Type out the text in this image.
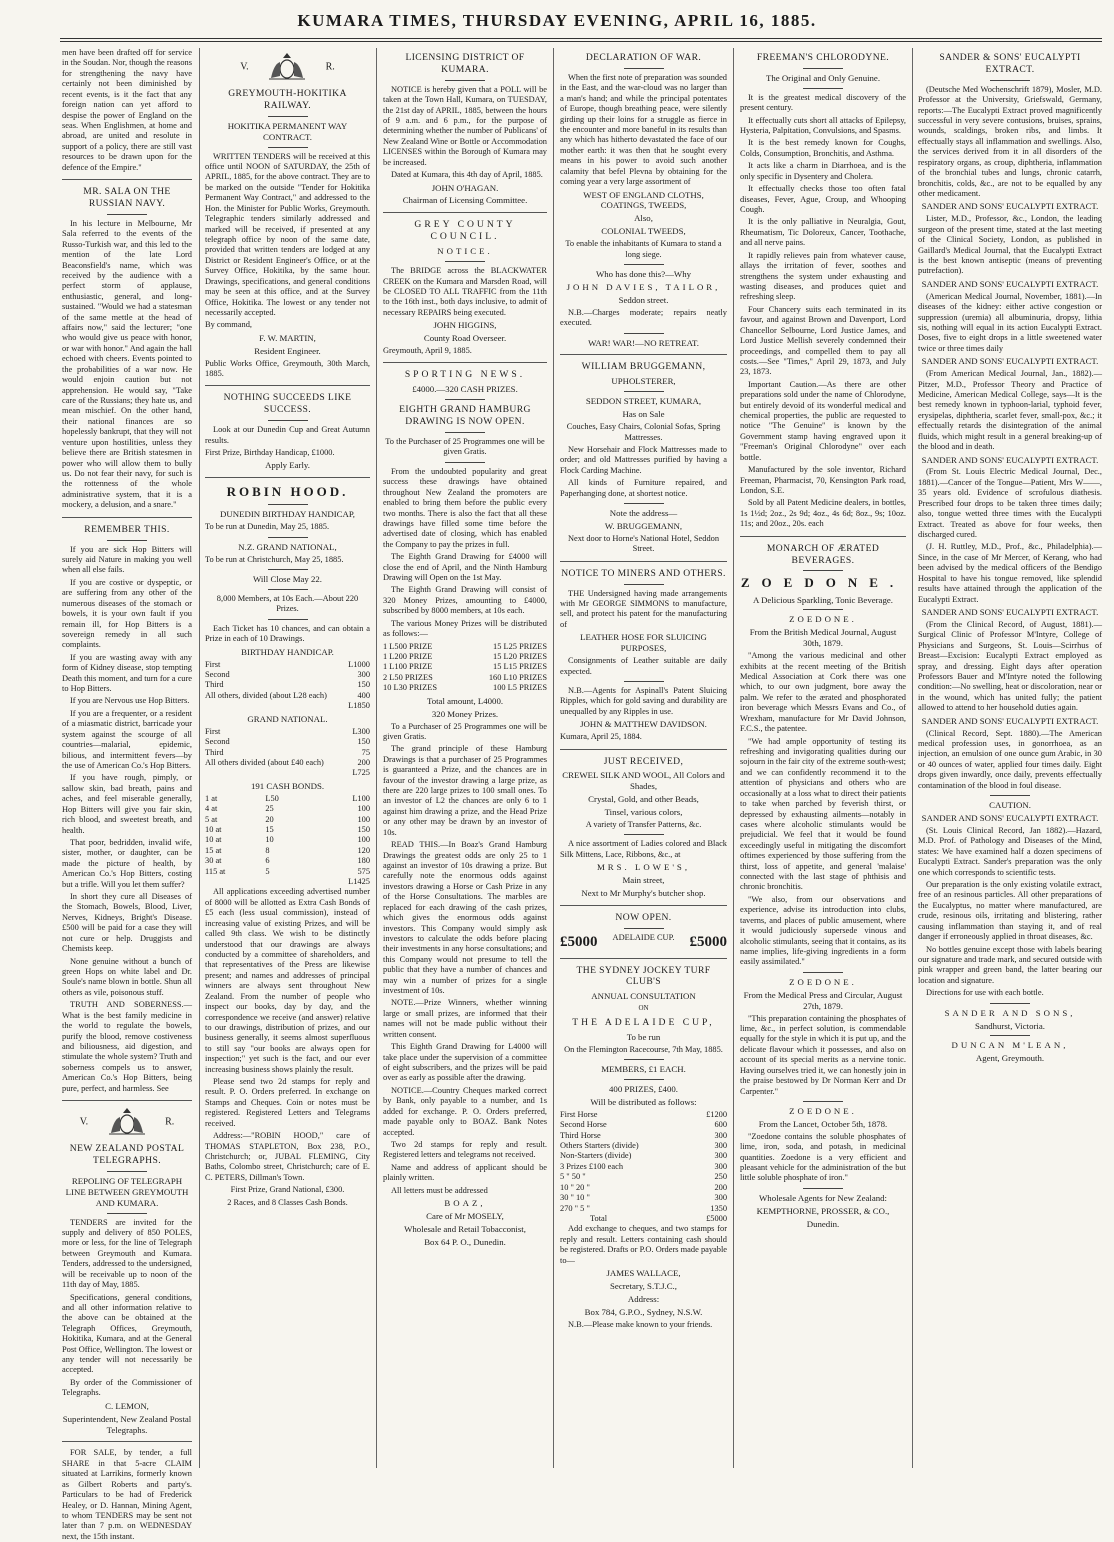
KUMARA TIMES, THURSDAY EVENING, APRIL 16, 1885.

men have been drafted off for service in the Soudan. Nor, though the reasons for strengthening the navy have certainly not been diminished by recent events, is it the fact that any foreign nation can yet afford to despise the power of England on the seas. When Englishmen, at home and abroad, are united and resolute in support of a policy, there are still vast resources to be drawn upon for the defence of the Empire."

MR. SALA ON THE RUSSIAN NAVY.

In his lecture in Melbourne, Mr Sala referred to the events of the Russo-Turkish war, and this led to the mention of the late Lord Beaconsfield's name, which was received by the audience with a perfect storm of applause, enthusiastic, general, and long-sustained. "Would we had a statesman of the same mettle at the head of affairs now," said the lecturer; "one who would give us peace with honor, or war with honor." And again the hall echoed with cheers. Events pointed to the probabilities of a war now. He would enjoin caution but not apprehension. He would say, "Take care of the Russians; they hate us, and mean mischief. On the other hand, their national finances are so hopelessly bankrupt, that they will not venture upon hostilities, unless they believe there are British statesmen in power who will allow them to bully us. Do not fear their navy, for such is the rottenness of the whole administrative system, that it is a mockery, a delusion, and a snare."

REMEMBER THIS.

If you are sick Hop Bitters will surely aid Nature in making you well when all else fails.

If you are costive or dyspeptic, or are suffering from any other of the numerous diseases of the stomach or bowels, it is your own fault if you remain ill, for Hop Bitters is a sovereign remedy in all such complaints.

If you are wasting away with any form of Kidney disease, stop tempting Death this moment, and turn for a cure to Hop Bitters.

If you are Nervous use Hop Bitters.

If you are a frequenter, or a resident of a miasmatic district, barricade your system against the scourge of all countries—malarial, epidemic, bilious, and intermittent fevers—by the use of American Co.'s Hop Bitters.

If you have rough, pimply, or sallow skin, bad breath, pains and aches, and feel miserable generally, Hop Bitters will give you fair skin, rich blood, and sweetest breath, and health.

That poor, bedridden, invalid wife, sister, mother, or daughter, can be made the picture of health, by American Co.'s Hop Bitters, costing but a trifle. Will you let them suffer?

In short they cure all Diseases of the Stomach, Bowels, Blood, Liver, Nerves, Kidneys, Bright's Disease. £500 will be paid for a case they will not cure or help. Druggists and Chemists keep.

None genuine without a bunch of green Hops on white label and Dr. Soule's name blown in bottle. Shun all others as vile, poisonous stuff.

TRUTH AND SOBERNESS.—What is the best family medicine in the world to regulate the bowels, purify the blood, remove costiveness and biliousness, aid digestion, and stimulate the whole system? Truth and soberness compels us to answer, American Co.'s Hop Bitters, being pure, perfect, and harmless. See

V.	R.
NEW ZEALAND POSTAL TELEGRAPHS.
REPOLING OF TELEGRAPH LINE BETWEEN GREYMOUTH AND KUMARA.

TENDERS are invited for the supply and delivery of 850 POLES, more or less, for the line of Telegraph between Greymouth and Kumara. Tenders, addressed to the undersigned, will be receivable up to noon of the 11th day of May, 1885.

Specifications, general conditions, and all other information relative to the above can be obtained at the Telegraph Offices, Greymouth, Hokitika, Kumara, and at the General Post Office, Wellington. The lowest or any tender will not necessarily be accepted.

By order of the Commissioner of Telegraphs.

C. LEMON,
Superintendent, New Zealand Postal Telegraphs.

FOR SALE, by tender, a full SHARE in that 5-acre CLAIM situated at Larrikins, formerly known as Gilbert Roberts and party's. Particulars to be had of Frederick Healey, or D. Hannan, Mining Agent, to whom TENDERS may be sent not later than 7 p.m. on WEDNESDAY next, the 15th instant.

V.	R.
GREYMOUTH-HOKITIKA RAILWAY.
HOKITIKA PERMANENT WAY CONTRACT.

WRITTEN TENDERS will be received at this office until NOON of SATURDAY, the 25th of APRIL, 1885, for the above contract. They are to be marked on the outside "Tender for Hokitika Permanent Way Contract," and addressed to the Hon. the Minister for Public Works, Greymouth. Telegraphic tenders similarly addressed and marked will be received, if presented at any telegraph office by noon of the same date, provided that written tenders are lodged at any District or Resident Engineer's Office, or at the Survey Office, Hokitika, by the same hour. Drawings, specifications, and general conditions may be seen at this office, and at the Survey Office, Hokitika. The lowest or any tender not necessarily accepted.

By command,

F. W. MARTIN,
Resident Engineer.

Public Works Office, Greymouth, 30th March, 1885.

NOTHING SUCCEEDS LIKE SUCCESS.

Look at our Dunedin Cup and Great Autumn results.

First Prize, Birthday Handicap, £1000.

Apply Early.
ROBIN HOOD.
DUNEDIN BIRTHDAY HANDICAP,

To be run at Dunedin, May 25, 1885.

N.Z. GRAND NATIONAL,

To be run at Christchurch, May 25, 1885.

Will Close May 22.

8,000 Members, at 10s Each.—About 220 Prizes.

Each Ticket has 10 chances, and can obtain a Prize in each of 10 Drawings.

BIRTHDAY HANDICAP.
First	L1000
Second	300
Third	150
All others, divided (about L28 each)	400
	L1850
GRAND NATIONAL.
First	L300
Second	150
Third	75
All others divided (about £40 each)	200
	L725
191 CASH BONDS.
1 at	L50	L100
4 at	25	100
5 at	20	100
10 at	15	150
10 at	10	100
15 at	8	120
30 at	6	180
115 at	5	575
		L1425

All applications exceeding advertised number of 8000 will be allotted as Extra Cash Bonds of £5 each (less usual commission), instead of increasing value of existing Prizes, and will be called 9th class. We wish to be distinctly understood that our drawings are always conducted by a committee of shareholders, and that representatives of the Press are likewise present; and names and addresses of principal winners are always sent throughout New Zealand. From the number of people who inspect our books, day by day, and the correspondence we receive (and answer) relative to our drawings, distribution of prizes, and our business generally, it seems almost superfluous to still say "our books are always open for inspection;" yet such is the fact, and our ever increasing business shows plainly the result.

Please send two 2d stamps for reply and result. P. O. Orders preferred. In exchange on Stamps and Cheques. Coin or notes must be registered. Registered Letters and Telegrams received.

Address:—"ROBIN HOOD," care of THOMAS STAPLETON, Box 238, P.O., Christchurch; or, JUBAL FLEMING, City Baths, Colombo street, Christchurch; care of E. C. PETERS, Dillman's Town.

First Prize, Grand National, £300.

2 Races, and 8 Classes Cash Bonds.

LICENSING DISTRICT OF KUMARA.

NOTICE is hereby given that a POLL will be taken at the Town Hall, Kumara, on TUESDAY, the 21st day of APRIL, 1885, between the hours of 9 a.m. and 6 p.m., for the purpose of determining whether the number of Publicans' of New Zealand Wine or Bottle or Accommodation LICENSES within the Borough of Kumara may be increased.

Dated at Kumara, this 4th day of April, 1885.

JOHN O'HAGAN.
Chairman of Licensing Committee.
GREY COUNTY COUNCIL.
NOTICE.

The BRIDGE across the BLACKWATER CREEK on the Kumara and Marsden Road, will be CLOSED TO ALL TRAFFIC from the 11th to the 16th inst., both days inclusive, to admit of necessary REPAIRS being executed.

JOHN HIGGINS,
County Road Overseer.

Greymouth, April 9, 1885.

SPORTING NEWS.
£4000.—320 CASH PRIZES.
EIGHTH GRAND HAMBURG DRAWING IS NOW OPEN.

To the Purchaser of 25 Programmes one will be given Gratis.

From the undoubted popularity and great success these drawings have obtained throughout New Zealand the promoters are enabled to bring them before the public every two months. There is also the fact that all these drawings have filled some time before the advertised date of closing, which has enabled the Company to pay the prizes in full.

The Eighth Grand Drawing for £4000 will close the end of April, and the Ninth Hamburg Drawing will Open on the 1st May.

The Eighth Grand Drawing will consist of 320 Money Prizes, amounting to £4000, subscribed by 8000 members, at 10s each.

The various Money Prizes will be distributed as follows:—

1 L500 PRIZE	15 L25 PRIZES
1 L200 PRIZE	15 L20 PRIZES
1 L100 PRIZE	15 L15 PRIZES
2 L50 PRIZES	160 L10 PRIZES
10 L30 PRIZES	100 L5 PRIZES
Total amount, L4000.
320 Money Prizes.

To a Purchaser of 25 Programmes one will be given Gratis.

The grand principle of these Hamburg Drawings is that a purchaser of 25 Programmes is guaranteed a Prize, and the chances are in favour of the investor drawing a large prize, as there are 220 large prizes to 100 small ones. To an investor of L2 the chances are only 6 to 1 against him drawing a prize, and the Head Prize or any other may be drawn by an investor of 10s.

READ THIS.—In Boaz's Grand Hamburg Drawings the greatest odds are only 25 to 1 against an investor of 10s drawing a prize. But carefully note the enormous odds against investors drawing a Horse or Cash Prize in any of the Horse Consultations. The marbles are replaced for each drawing of the cash prizes, which gives the enormous odds against investors. This Company would simply ask investors to calculate the odds before placing their investments in any horse consultations; and this Company would not presume to tell the public that they have a number of chances and may win a number of prizes for a single investment of 10s.

NOTE.—Prize Winners, whether winning large or small prizes, are informed that their names will not be made public without their written consent.

This Eighth Grand Drawing for L4000 will take place under the supervision of a committee of eight subscribers, and the prizes will be paid over as early as possible after the drawing.

NOTICE.—Country Cheques marked correct by Bank, only payable to a number, and 1s added for exchange. P. O. Orders preferred, made payable only to BOAZ. Bank Notes accepted.

Two 2d stamps for reply and result. Registered letters and telegrams not received.

Name and address of applicant should be plainly written.

All letters must be addressed

BOAZ,
Care of Mr MOSELY,
Wholesale and Retail Tobacconist,
Box 64 P. O., Dunedin.
DECLARATION OF WAR.

When the first note of preparation was sounded in the East, and the war-cloud was no larger than a man's hand; and while the principal potentates of Europe, though breathing peace, were silently girding up their loins for a struggle as fierce in the encounter and more baneful in its results than any which has hitherto devastated the face of our mother earth: it was then that he sought every means in his power to avoid such another calamity that befel Plevna by obtaining for the coming year a very large assortment of

WEST OF ENGLAND CLOTHS, COATINGS, TWEEDS,
Also,
COLONIAL TWEEDS,

To enable the inhabitants of Kumara to stand a long siege.

Who has done this?—Why
JOHN DAVIES, TAILOR,
Seddon street.

N.B.—Charges moderate; repairs neatly executed.

WAR! WAR!—NO RETREAT.
WILLIAM BRUGGEMANN,
UPHOLSTERER,
SEDDON STREET, KUMARA,
Has on Sale

Couches, Easy Chairs, Colonial Sofas, Spring Mattresses.

New Horsehair and Flock Mattresses made to order; and old Mattresses purified by having a Flock Carding Machine.

All kinds of Furniture repaired, and Paperhanging done, at shortest notice.

Note the address—
W. BRUGGEMANN,

Next door to Horne's National Hotel, Seddon Street.

NOTICE TO MINERS AND OTHERS.

THE Undersigned having made arrangements with Mr GEORGE SIMMONS to manufacture, sell, and protect his patent for the manufacturing of

LEATHER HOSE FOR SLUICING PURPOSES,

Consignments of Leather suitable are daily expected.

N.B.—Agents for Aspinall's Patent Sluicing Ripples, which for gold saving and durability are unequalled by any Ripples in use.

JOHN & MATTHEW DAVIDSON.

Kumara, April 25, 1884.

JUST RECEIVED,
CREWEL SILK AND WOOL, All Colors and Shades,
Crystal, Gold, and other Beads,
Tinsel, various colors,

A variety of Transfer Patterns, &c.

A nice assortment of Ladies colored and Black Silk Mittens, Lace, Ribbons, &c., at

MRS. LOWE'S,
Main street,
Next to Mr Murphy's butcher shop.
NOW OPEN.
£5000	ADELAIDE CUP.	£5000
THE SYDNEY JOCKEY TURF CLUB'S
ANNUAL CONSULTATION
ON
THE ADELAIDE CUP,
To be run

On the Flemington Racecourse, 7th May, 1885.

MEMBERS, £1 EACH.
400 PRIZES, £400.
Will be distributed as follows:
First Horse	£1200
Second Horse	600
Third Horse	300
Others Starters (divide)	300
Non-Starters (divide)	300
3 Prizes £100 each	300
5 " 50 "	250
10 " 20 "	200
30 " 10 "	300
270 " 5 "	1350
Total	£5000

Add exchange to cheques, and two stamps for reply and result. Letters containing cash should be registered. Drafts or P.O. Orders made payable to—

JAMES WALLACE,
Secretary, S.T.J.C.,
Address:
Box 784, G.P.O., Sydney, N.S.W.

N.B.—Please make known to your friends.

FREEMAN'S CHLORODYNE.
The Original and Only Genuine.

It is the greatest medical discovery of the present century.

It effectually cuts short all attacks of Epilepsy, Hysteria, Palpitation, Convulsions, and Spasms.

It is the best remedy known for Coughs, Colds, Consumption, Bronchitis, and Asthma.

It acts like a charm in Diarrhoea, and is the only specific in Dysentery and Cholera.

It effectually checks those too often fatal diseases, Fever, Ague, Croup, and Whooping Cough.

It is the only palliative in Neuralgia, Gout, Rheumatism, Tic Doloreux, Cancer, Toothache, and all nerve pains.

It rapidly relieves pain from whatever cause, allays the irritation of fever, soothes and strengthens the system under exhausting and wasting diseases, and produces quiet and refreshing sleep.

Four Chancery suits each terminated in its favour, and against Brown and Davenport, Lord Chancellor Selbourne, Lord Justice James, and Lord Justice Mellish severely condemned their proceedings, and compelled them to pay all costs.—See "Times," April 29, 1873, and July 23, 1873.

Important Caution.—As there are other preparations sold under the name of Chlorodyne, but entirely devoid of its wonderful medical and chemical properties, the public are requested to notice "The Genuine" is known by the Government stamp having engraved upon it "Freeman's Original Chlorodyne" over each bottle.

Manufactured by the sole inventor, Richard Freeman, Pharmacist, 70, Kensington Park road, London, S.E.

Sold by all Patent Medicine dealers, in bottles, 1s 1½d; 2oz., 2s 9d; 4oz., 4s 6d; 8oz., 9s; 10oz. 11s; and 20oz., 20s. each

MONARCH OF ÆRATED BEVERAGES.
ZOEDONE.
A Delicious Sparkling, Tonic Beverage.
ZOEDONE.
From the British Medical Journal, August 30th, 1879.

"Among the various medicinal and other exhibits at the recent meeting of the British Medical Association at Cork there was one which, to our own judgment, bore away the palm. We refer to the ærated and phosphorated iron beverage which Messrs Evans and Co., of Wrexham, manufacture for Mr David Johnson, F.C.S., the patentee.

"We had ample opportunity of testing its refreshing and invigorating qualities during our sojourn in the fair city of the extreme south-west; and we can confidently recommend it to the attention of physicians and others who are occasionally at a loss what to direct their patients to take when parched by feverish thirst, or depressed by exhausting ailments—notably in cases where alcoholic stimulants would be prejudicial. We feel that it would be found exceedingly useful in mitigating the discomfort oftimes experienced by those suffering from the thirst, loss of appetite, and general 'malaise' connected with the last stage of phthisis and chronic bronchitis.

"We also, from our observations and experience, advise its introduction into clubs, taverns, and places of public amusement, where it would judiciously supersede vinous and alcoholic stimulants, seeing that it contains, as its name implies, life-giving ingredients in a form easily assimilated."

ZOEDONE.
From the Medical Press and Circular, August 27th, 1879.

"This preparation containing the phosphates of lime, &c., in perfect solution, is commendable equally for the style in which it is put up, and the delicate flavour which it possesses, and also on account of its special merits as a nervine tonic. Having ourselves tried it, we can honestly join in the praise bestowed by Dr Norman Kerr and Dr Carpenter."

ZOEDONE.
From the Lancet, October 5th, 1878.

"Zoedone contains the soluble phosphates of lime, iron, soda, and potash, in medicinal quantities. Zoedone is a very efficient and pleasant vehicle for the administration of the but little soluble phosphate of iron."

Wholesale Agents for New Zealand:
KEMPTHORNE, PROSSER, & CO.,
Dunedin.
SANDER & SONS' EUCALYPTI EXTRACT.

(Deutsche Med Wochenschrift 1879), Mosler, M.D. Professor at the University, Griefswald, Germany, reports:—The Eucalypti Extract proved magnificently successful in very severe contusions, bruises, sprains, wounds, scaldings, broken ribs, and limbs. It effectually stays all inflammation and swellings. Also, the services derived from it in all disorders of the respiratory organs, as croup, diphtheria, inflammation of the bronchial tubes and lungs, chronic catarrh, bronchitis, colds, &c., are not to be equalled by any other medicament.

SANDER AND SONS' EUCALYPTI EXTRACT.

Lister, M.D., Professor, &c., London, the leading surgeon of the present time, stated at the last meeting of the Clinical Society, London, as published in Gaillard's Medical Journal, that the Eucalypti Extract is the best known antiseptic (means of preventing putrefaction).

SANDER AND SONS' EUCALYPTI EXTRACT.

(American Medical Journal, November, 1881).—In diseases of the kidney: either active congestion or suppression (uremia) all albuminuria, dropsy, lithia sis, nothing will equal in its action Eucalypti Extract. Doses, five to eight drops in a little sweetened water twice or three times daily

SANDER AND SONS' EUCALYPTI EXTRACT.

(From American Medical Journal, Jan., 1882).—Pitzer, M.D., Professor Theory and Practice of Medicine, American Medical College, says—It is the best remedy known in typhoon-larial, typhoid fever, erysipelas, diphtheria, scarlet fever, small-pox, &c.; it effectually retards the disintegration of the animal fluids, which might result in a general breaking-up of the blood and in death.

SANDER AND SONS' EUCALYPTI EXTRACT.

(From St. Louis Electric Medical Journal, Dec., 1881).—Cancer of the Tongue—Patient, Mrs W——, 35 years old. Evidence of scrofulous diathesis. Prescribed four drops to be taken three times daily; also, tongue wetted three times with the Eucalypti Extract. Treated as above for four weeks, then discharged cured.

(J. H. Ruttley, M.D., Prof., &c., Philadelphia).—Since, in the case of Mr Mercer, of Kerang, who had been advised by the medical officers of the Bendigo Hospital to have his tongue removed, like splendid results have attained through the application of the Eucalypti Extract.

SANDER AND SONS' EUCALYPTI EXTRACT.

(From the Clinical Record, of August, 1881).—Surgical Clinic of Professor M'Intyre, College of Physicians and Surgeons, St. Louis—Scirrhus of Breast—Excision: Eucalypti Extract employed as spray, and dressing. Eight days after operation Professors Bauer and M'Intyre noted the following condition:—No swelling, heat or discoloration, near or in the wound, which has united fully; the patient allowed to attend to her household duties again.

SANDER AND SONS' EUCALYPTI EXTRACT.

(Clinical Record, Sept. 1880).—The American medical profession uses, in gonorrhoea, as an injection, an emulsion of one ounce gum Arabic, in 30 or 40 ounces of water, applied four times daily. Eight drops given inwardly, once daily, prevents effectually contamination of the blood in foul disease.

CAUTION.
SANDER AND SONS' EUCALYPTI EXTRACT.

(St. Louis Clinical Record, Jan 1882).—Hazard, M.D. Prof. of Pathology and Diseases of the Mind, states: We have examined half a dozen specimens of Eucalypti Extract. Sander's preparation was the only one which corresponds to scientific tests.

Our preparation is the only existing volatile extract, free of an resinous particles. All other preparations of the Eucalyptus, no matter where manufactured, are crude, resinous oils, irritating and blistering, rather causing inflammation than staying it, and of real danger if erroneously applied in throat diseases, &c.

No bottles genuine except those with labels bearing our signature and trade mark, and secured outside with pink wrapper and green band, the latter bearing our location and signature.

Directions for use with each bottle.

SANDER AND SONS,
Sandhurst, Victoria.
DUNCAN M'LEAN,
Agent, Greymouth.
